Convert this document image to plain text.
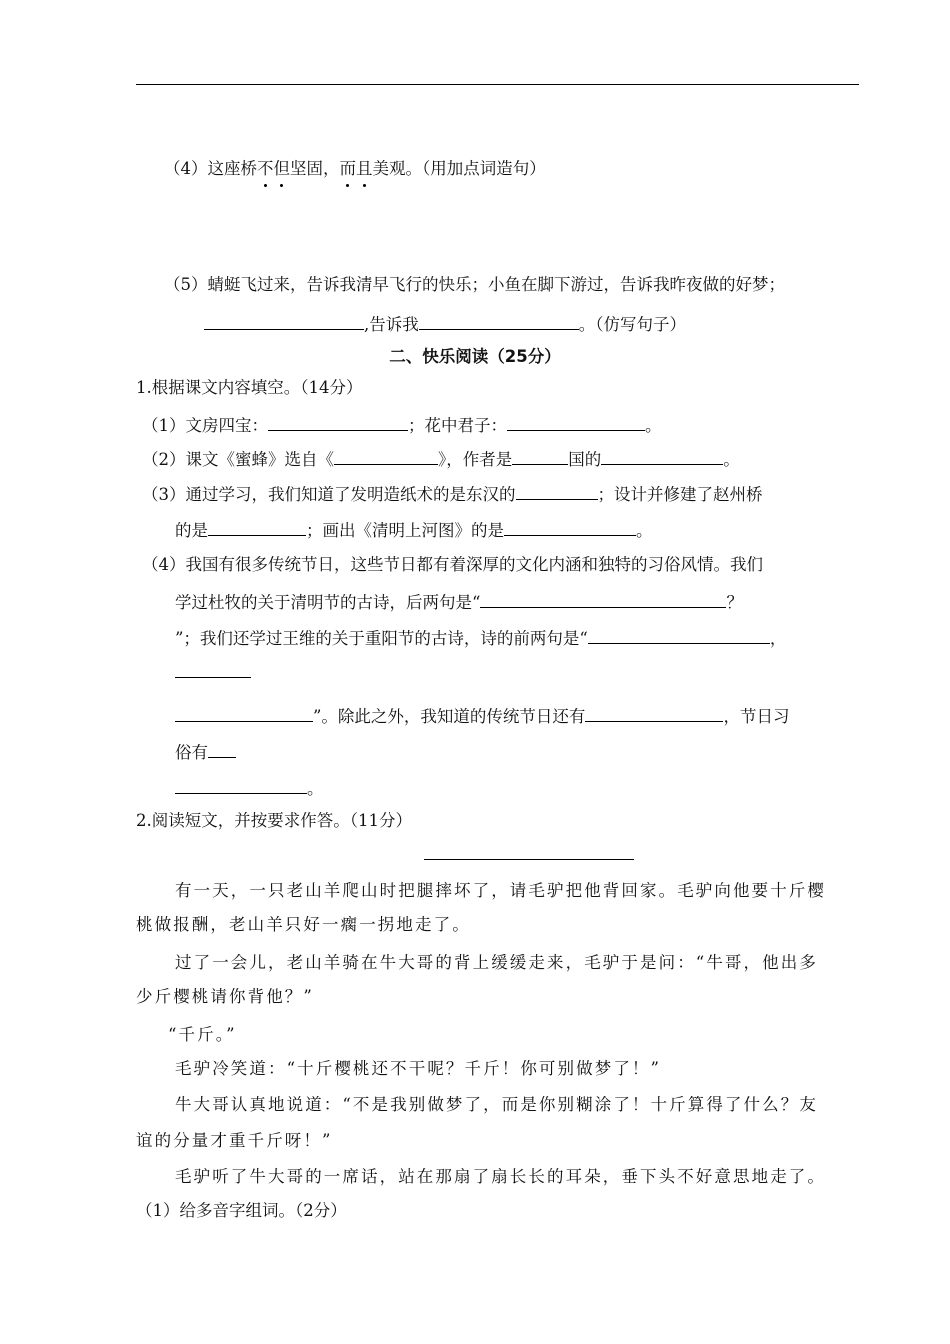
（4）这座桥不但坚固，而且美观。（用加点词造句）
（5）蜻蜓飞过来，告诉我清早飞行的快乐；小鱼在脚下游过，告诉我昨夜做的好梦；
,告诉我	。（仿写句子）
二、快乐阅读（25分）
1.根据课文内容填空。（14分）
（1）文房四宝：	；花中君子：	。
（2）课文《蜜蜂》选自《	》，作者是	国的	。
（3）通过学习，我们知道了发明造纸术的是东汉的	；设计并修建了赵州桥
的是	；画出《清明上河图》的是	。
（4）我国有很多传统节日，这些节日都有着深厚的文化内涵和独特的习俗风情。我们
学过杜牧的关于清明节的古诗，后两句是“	？
”；我们还学过王维的关于重阳节的古诗，诗的前两句是“	，
”。除此之外，我知道的传统节日还有	，节日习
俗有
。
2.阅读短文，并按要求作答。（11分）
有一天，一只老山羊爬山时把腿摔坏了，请毛驴把他背回家。毛驴向他要十斤樱
桃做报酬，老山羊只好一瘸一拐地走了。
过了一会儿，老山羊骑在牛大哥的背上缓缓走来，毛驴于是问：“牛哥，他出多
少斤樱桃请你背他？”
“千斤。”
毛驴冷笑道：“十斤樱桃还不干呢？千斤！你可别做梦了！”
牛大哥认真地说道：“不是我别做梦了，而是你别糊涂了！十斤算得了什么？友
谊的分量才重千斤呀！”
毛驴听了牛大哥的一席话，站在那扇了扇长长的耳朵，垂下头不好意思地走了。
（1）给多音字组词。（2分）
